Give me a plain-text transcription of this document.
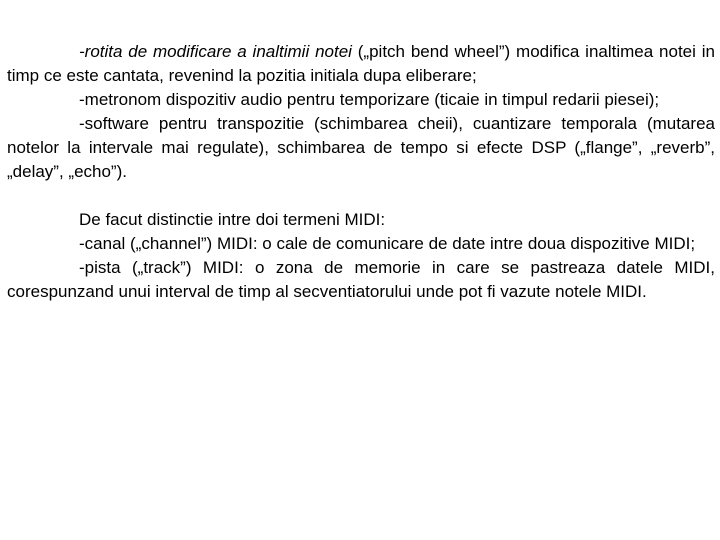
-rotita de modificare a inaltimii notei („pitch bend wheel”) modifica inaltimea notei in timp ce este cantata, revenind la pozitia initiala dupa eliberare;

-metronom dispozitiv audio pentru temporizare (ticaie in timpul redarii piesei);

-software pentru transpozitie (schimbarea cheii), cuantizare temporala (mutarea notelor la intervale mai regulate), schimbarea de tempo si efecte DSP („flange”, „reverb”, „delay”, „echo”).

De facut distinctie intre doi termeni MIDI:

-canal („channel”) MIDI: o cale de comunicare de date intre doua dispozitive MIDI;

-pista („track”) MIDI: o zona de memorie in care se pastreaza datele MIDI, corespunzand unui interval de timp al secventiatorului unde pot fi vazute notele MIDI.
